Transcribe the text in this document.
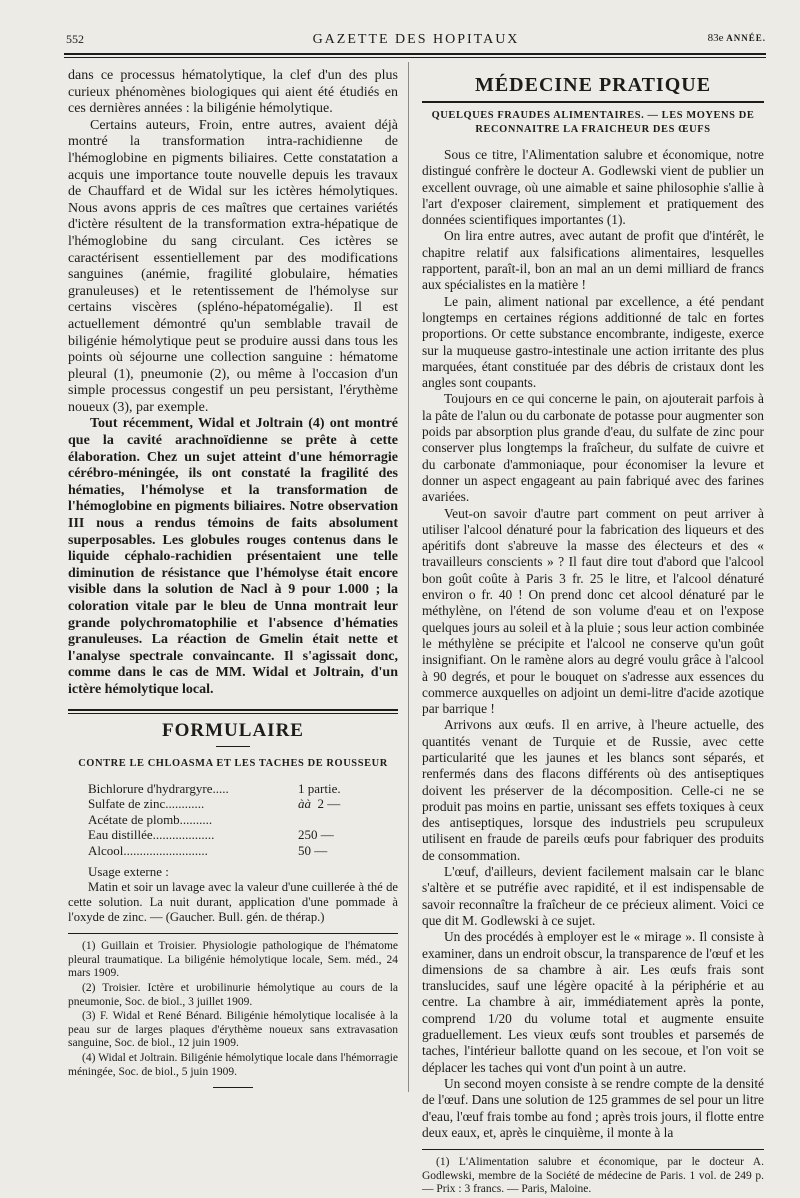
552	GAZETTE DES HOPITAUX	83e ANNÉE.

dans ce processus hématolytique, la clef d'un des plus curieux phénomènes biologiques qui aient été étudiés en ces dernières années : la biligénie hémolytique.

Certains auteurs, Froin, entre autres, avaient déjà montré la transformation intra-rachidienne de l'hémoglobine en pigments biliaires. Cette constatation a acquis une importance toute nouvelle depuis les travaux de Chauffard et de Widal sur les ictères hémolytiques. Nous avons appris de ces maîtres que certaines variétés d'ictère résultent de la transformation extra-hépatique de l'hémoglobine du sang circulant. Ces ictères se caractérisent essentiellement par des modifications sanguines (anémie, fragilité globulaire, hématies granuleuses) et le retentissement de l'hémolyse sur certains viscères (spléno-hépatomégalie). Il est actuellement démontré qu'un semblable travail de biligénie hémolytique peut se produire aussi dans tous les points où séjourne une collection sanguine : hématome pleural (1), pneumonie (2), ou même à l'occasion d'un simple processus congestif un peu persistant, l'érythème noueux (3), par exemple.

Tout récemment, Widal et Joltrain (4) ont montré que la cavité arachnoïdienne se prête à cette élaboration. Chez un sujet atteint d'une hémorragie cérébro-méningée, ils ont constaté la fragilité des hématies, l'hémolyse et la transformation de l'hémoglobine en pigments biliaires. Notre observation III nous a rendus témoins de faits absolument superposables. Les globules rouges contenus dans le liquide céphalo-rachidien présentaient une telle diminution de résistance que l'hémolyse était encore visible dans la solution de Nacl à 9 pour 1.000 ; la coloration vitale par le bleu de Unna montrait leur grande polychromatophilie et l'absence d'hématies granuleuses. La réaction de Gmelin était nette et l'analyse spectrale convaincante. Il s'agissait donc, comme dans le cas de MM. Widal et Joltrain, d'un ictère hémolytique local.

FORMULAIRE
CONTRE LE CHLOASMA ET LES TACHES DE ROUSSEUR
Bichlorure d'hydrargyre.....	1 partie.
Sulfate de zinc............	àà 2 —
Acétate de plomb..........
Eau distillée...................	250 —
Alcool..........................	50 —
Usage externe :

Matin et soir un lavage avec la valeur d'une cuillerée à thé de cette solution. La nuit durant, application d'une pommade à l'oxyde de zinc. — (Gaucher. Bull. gén. de thérap.)

(1) Guillain et Troisier. Physiologie pathologique de l'hématome pleural traumatique. La biligénie hémolytique locale, Sem. méd., 24 mars 1909.

(2) Troisier. Ictère et urobilinurie hémolytique au cours de la pneumonie, Soc. de biol., 3 juillet 1909.

(3) F. Widal et René Bénard. Biligénie hémolytique localisée à la peau sur de larges plaques d'érythème noueux sans extravasation sanguine, Soc. de biol., 12 juin 1909.

(4) Widal et Joltrain. Biligénie hémolytique locale dans l'hémorragie méningée, Soc. de biol., 5 juin 1909.

MÉDECINE PRATIQUE
QUELQUES FRAUDES ALIMENTAIRES. — LES MOYENS DE RECONNAITRE LA FRAICHEUR DES ŒUFS

Sous ce titre, l'Alimentation salubre et économique, notre distingué confrère le docteur A. Godlewski vient de publier un excellent ouvrage, où une aimable et saine philosophie s'allie à l'art d'exposer clairement, simplement et pratiquement des données scientifiques importantes (1).

On lira entre autres, avec autant de profit que d'intérêt, le chapitre relatif aux falsifications alimentaires, lesquelles rapportent, paraît-il, bon an mal an un demi milliard de francs aux spécialistes en la matière !

Le pain, aliment national par excellence, a été pendant longtemps en certaines régions additionné de talc en fortes proportions. Or cette substance encombrante, indigeste, exerce sur la muqueuse gastro-intestinale une action irritante des plus marquées, étant constituée par des débris de cristaux dont les angles sont coupants.

Toujours en ce qui concerne le pain, on ajouterait parfois à la pâte de l'alun ou du carbonate de potasse pour augmenter son poids par absorption plus grande d'eau, du sulfate de zinc pour conserver plus longtemps la fraîcheur, du sulfate de cuivre et du carbonate d'ammoniaque, pour économiser la levure et donner un aspect engageant au pain fabriqué avec des farines avariées.

Veut-on savoir d'autre part comment on peut arriver à utiliser l'alcool dénaturé pour la fabrication des liqueurs et des apéritifs dont s'abreuve la masse des électeurs et des « travailleurs conscients » ? Il faut dire tout d'abord que l'alcool bon goût coûte à Paris 3 fr. 25 le litre, et l'alcool dénaturé environ o fr. 40 ! On prend donc cet alcool dénaturé par le méthylène, on l'étend de son volume d'eau et on l'expose quelques jours au soleil et à la pluie ; sous leur action combinée le méthylène se précipite et l'alcool ne conserve qu'un goût insignifiant. On le ramène alors au degré voulu grâce à l'alcool à 90 degrés, et pour le bouquet on s'adresse aux essences du commerce auxquelles on adjoint un demi-litre d'acide azotique par barrique !

Arrivons aux œufs. Il en arrive, à l'heure actuelle, des quantités venant de Turquie et de Russie, avec cette particularité que les jaunes et les blancs sont séparés, et renfermés dans des flacons différents où des antiseptiques doivent les préserver de la décomposition. Celle-ci ne se produit pas moins en partie, unissant ses effets toxiques à ceux des antiseptiques, lorsque des industriels peu scrupuleux utilisent en fraude de pareils œufs pour fabriquer des produits de consommation.

L'œuf, d'ailleurs, devient facilement malsain car le blanc s'altère et se putréfie avec rapidité, et il est indispensable de savoir reconnaître la fraîcheur de ce précieux aliment. Voici ce que dit M. Godlewski à ce sujet.

Un des procédés à employer est le « mirage ». Il consiste à examiner, dans un endroit obscur, la transparence de l'œuf et les dimensions de sa chambre à air. Les œufs frais sont translucides, sauf une légère opacité à la périphérie et au centre. La chambre à air, immédiatement après la ponte, comprend 1/20 du volume total et augmente ensuite graduellement. Les vieux œufs sont troubles et parsemés de taches, l'intérieur ballotte quand on les secoue, et l'on voit se déplacer les taches qui vont d'un point à un autre.

Un second moyen consiste à se rendre compte de la densité de l'œuf. Dans une solution de 125 grammes de sel pour un litre d'eau, l'œuf frais tombe au fond ; après trois jours, il flotte entre deux eaux, et, après le cinquième, il monte à la

(1) L'Alimentation salubre et économique, par le docteur A. Godlewski, membre de la Société de médecine de Paris. 1 vol. de 249 p. — Prix : 3 francs. — Paris, Maloine.
